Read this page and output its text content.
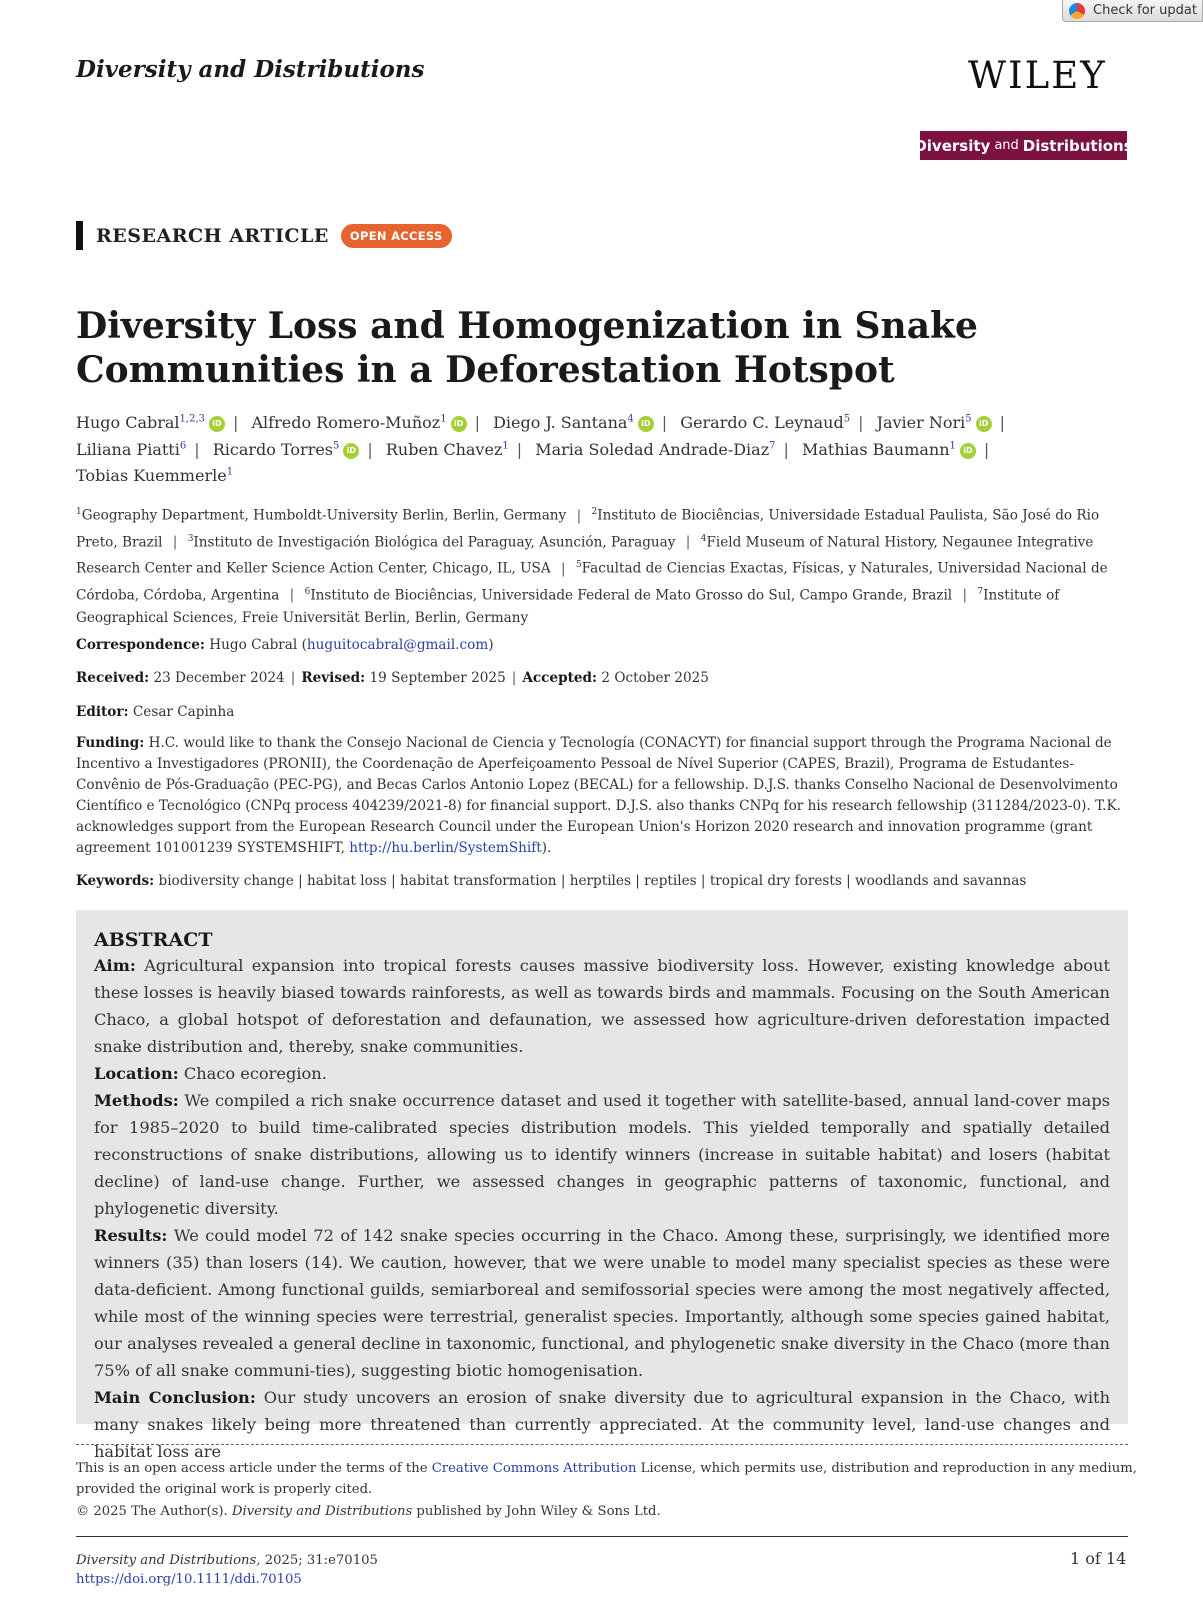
Check for updat
Diversity and Distributions	WILEY
Diversity and Distributions
RESEARCH ARTICLE	OPEN ACCESS
Diversity Loss and Homogenization in Snake Communities in a Deforestation Hotspot
Hugo Cabral$^{1,2,3}$ iD | Alfredo Romero-Muñoz$^1$ iD | Diego J. Santana$^4$ iD | Gerardo C. Leynaud$^5$ | Javier Nori$^5$ iD | Liliana Piatti$^6$ | Ricardo Torres$^5$ iD | Ruben Chavez$^1$ | Maria Soledad Andrade-Diaz$^7$ | Mathias Baumann$^1$ iD | Tobias Kuemmerle$^1$
$^1$Geography Department, Humboldt-University Berlin, Berlin, Germany | $^2$Instituto de Biociências, Universidade Estadual Paulista, São José do Rio Preto, Brazil | $^3$Instituto de Investigación Biológica del Paraguay, Asunción, Paraguay | $^4$Field Museum of Natural History, Negaunee Integrative Research Center and Keller Science Action Center, Chicago, IL, USA | $^5$Facultad de Ciencias Exactas, Físicas, y Naturales, Universidad Nacional de Córdoba, Córdoba, Argentina | $^6$Instituto de Biociências, Universidade Federal de Mato Grosso do Sul, Campo Grande, Brazil | $^7$Institute of Geographical Sciences, Freie Universität Berlin, Berlin, Germany
Correspondence: Hugo Cabral (huguitocabral@gmail.com)
Received: 23 December 2024 | Revised: 19 September 2025 | Accepted: 2 October 2025
Editor: Cesar Capinha
Funding: H.C. would like to thank the Consejo Nacional de Ciencia y Tecnología (CONACYT) for financial support through the Programa Nacional de Incentivo a Investigadores (PRONII), the Coordenação de Aperfeiçoamento Pessoal de Nível Superior (CAPES, Brazil), Programa de Estudantes-Convênio de Pós-Graduação (PEC-PG), and Becas Carlos Antonio Lopez (BECAL) for a fellowship. D.J.S. thanks Conselho Nacional de Desenvolvimento Científico e Tecnológico (CNPq process 404239/2021-8) for financial support. D.J.S. also thanks CNPq for his research fellowship (311284/2023-0). T.K. acknowledges support from the European Research Council under the European Union's Horizon 2020 research and innovation programme (grant agreement 101001239 SYSTEMSHIFT, http://hu.berlin/SystemShift).
Keywords: biodiversity change | habitat loss | habitat transformation | herptiles | reptiles | tropical dry forests | woodlands and savannas
ABSTRACT
Aim: Agricultural expansion into tropical forests causes massive biodiversity loss. However, existing knowledge about these losses is heavily biased towards rainforests, as well as towards birds and mammals. Focusing on the South American Chaco, a global hotspot of deforestation and defaunation, we assessed how agriculture-driven deforestation impacted snake distribution and, thereby, snake communities.
Location: Chaco ecoregion.
Methods: We compiled a rich snake occurrence dataset and used it together with satellite-based, annual land-cover maps for 1985–2020 to build time-calibrated species distribution models. This yielded temporally and spatially detailed reconstructions of snake distributions, allowing us to identify winners (increase in suitable habitat) and losers (habitat decline) of land-use change. Further, we assessed changes in geographic patterns of taxonomic, functional, and phylogenetic diversity.
Results: We could model 72 of 142 snake species occurring in the Chaco. Among these, surprisingly, we identified more winners (35) than losers (14). We caution, however, that we were unable to model many specialist species as these were data-deficient. Among functional guilds, semiarboreal and semifossorial species were among the most negatively affected, while most of the winning species were terrestrial, generalist species. Importantly, although some species gained habitat, our analyses revealed a general decline in taxonomic, functional, and phylogenetic snake diversity in the Chaco (more than 75% of all snake communi-ties), suggesting biotic homogenisation.
Main Conclusion: Our study uncovers an erosion of snake diversity due to agricultural expansion in the Chaco, with many snakes likely being more threatened than currently appreciated. At the community level, land-use changes and habitat loss are
This is an open access article under the terms of the Creative Commons Attribution License, which permits use, distribution and reproduction in any medium, provided the original work is properly cited.
© 2025 The Author(s). Diversity and Distributions published by John Wiley & Sons Ltd.
Diversity and Distributions, 2025; 31:e70105
https://doi.org/10.1111/ddi.70105
1 of 14
